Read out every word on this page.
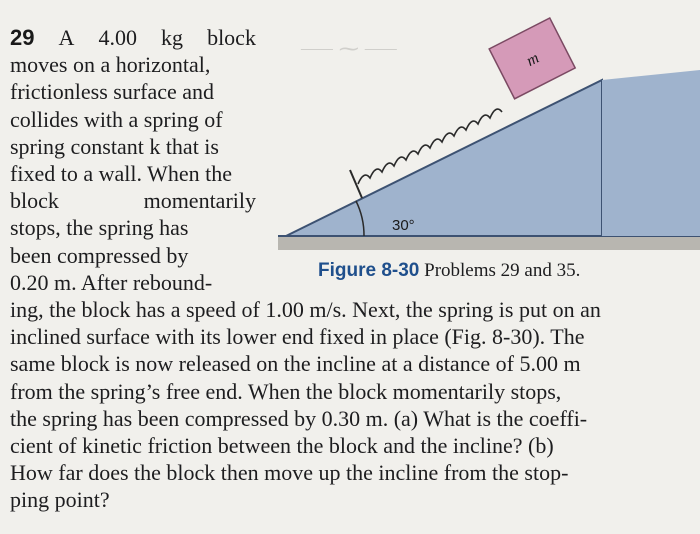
⸺ ⁓ ⸺
29 A 4.00 kg block
moves on a horizontal,
frictionless surface and
collides with a spring of
spring constant k that is
fixed to a wall. When the
block	momentarily
stops, the spring has
been compressed by
0.20 m. After rebound-
ing, the block has a speed of 1.00 m/s. Next, the spring is put on an
inclined surface with its lower end fixed in place (Fig. 8-30). The
same block is now released on the incline at a distance of 5.00 m
from the spring’s free end. When the block momentarily stops,
the spring has been compressed by 0.30 m. (a) What is the coeffi-
cient of kinetic friction between the block and the incline? (b)
How far does the block then move up the incline from the stop-
ping point?
30°
m
Figure 8-30 Problems 29 and 35.
